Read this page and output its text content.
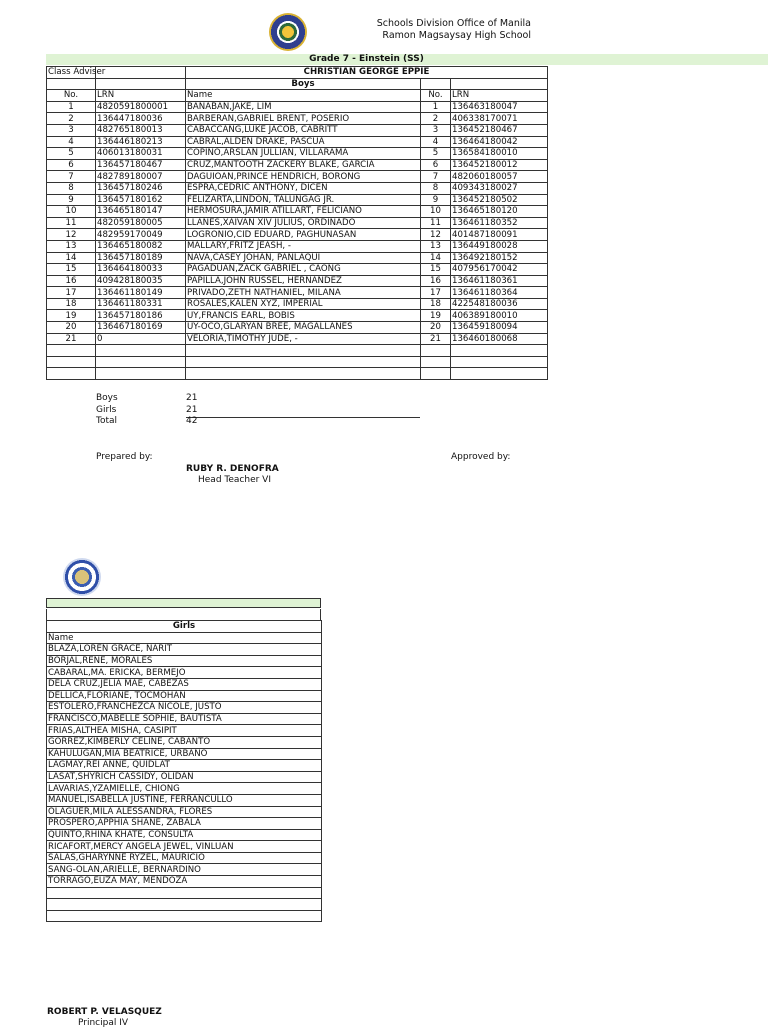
Schools Division Office of Manila
Ramon Magsaysay High School
Grade 7 - Einstein (SS)
Class Adviser		CHRISTIAN GEORGE EPPIE		
		Boys		
No.	LRN	Name	No.	LRN
1	4820591800001	BANABAN,JAKE, LIM	1	136463180047
2	136447180036	BARBERAN,GABRIEL BRENT, POSERIO	2	406338170071
3	482765180013	CABACCANG,LUKE JACOB, CABRITT	3	136452180467
4	136446180213	CABRAL,ALDEN DRAKE, PASCUA	4	136464180042
5	406013180031	COPINO,ARSLAN JULLIAN, VILLARAMA	5	136584180010
6	136457180467	CRUZ,MANTOOTH ZACKERY BLAKE, GARCIA	6	136452180012
7	482789180007	DAGUIOAN,PRINCE HENDRICH, BORONG	7	482060180057
8	136457180246	ESPRA,CEDRIC ANTHONY, DICEN	8	409343180027
9	136457180162	FELIZARTA,LINDON, TALUNGAG JR.	9	136452180502
10	136465180147	HERMOSURA,JAMIR ATILLART, FELICIANO	10	136465180120
11	482059180005	LLANES,XAIVAN XIV JULIUS, ORDINADO	11	136461180352
12	482959170049	LOGRONIO,CID EDUARD, PAGHUNASAN	12	401487180091
13	136465180082	MALLARY,FRITZ JEASH, -	13	136449180028
14	136457180189	NAVA,CASEY JOHAN, PANLAQUI	14	136492180152
15	136464180033	PAGADUAN,ZACK GABRIEL , CAONG	15	407956170042
16	409428180035	PAPILLA,JOHN RUSSEL, HERNANDEZ	16	136461180361
17	136461180149	PRIVADO,ZETH NATHANIEL, MILANA	17	136461180364
18	136461180331	ROSALES,KALEN XYZ, IMPERIAL	18	422548180036
19	136457180186	UY,FRANCIS EARL, BOBIS	19	406389180010
20	136467180169	UY-OCO,GLARYAN BREE, MAGALLANES	20	136459180094
21	0	VELORIA,TIMOTHY JUDE, -	21	136460180068

Boys	21
Girls	21
Total	42
Prepared by:	Approved by:
RUBY R. DENOFRA
Head Teacher VI
Girls
Name
BLAZA,LOREN GRACE, NARIT
BORJAL,RENE, MORALES
CABARAL,MA. ERICKA, BERMEJO
DELA CRUZ,JELIA MAE, CABEZAS
DELLICA,FLORIANE, TOCMOHAN
ESTOLERO,FRANCHEZCA NICOLE, JUSTO
FRANCISCO,MABELLE SOPHIE, BAUTISTA
FRIAS,ALTHEA MISHA, CASIPIT
GORREZ,KIMBERLY CELINE, CABANTO
KAHULUGAN,MIA BEATRICE, URBANO
LAGMAY,REI ANNE, QUIDLAT
LASAT,SHYRICH CASSIDY, OLIDAN
LAVARIAS,YZAMIELLE, CHIONG
MANUEL,ISABELLA JUSTINE, FERRANCULLO
OLAGUER,MILA ALESSANDRA, FLORES
PROSPERO,APPHIA SHANE, ZABALA
QUINTO,RHINA KHATE, CONSULTA
RICAFORT,MERCY ANGELA JEWEL, VINLUAN
SALAS,GHARYNNE RYZEL, MAURICIO
SANG-OLAN,ARIELLE, BERNARDINO
TORRAGO,EUZA MAY, MENDOZA

ROBERT P. VELASQUEZ
Principal IV
